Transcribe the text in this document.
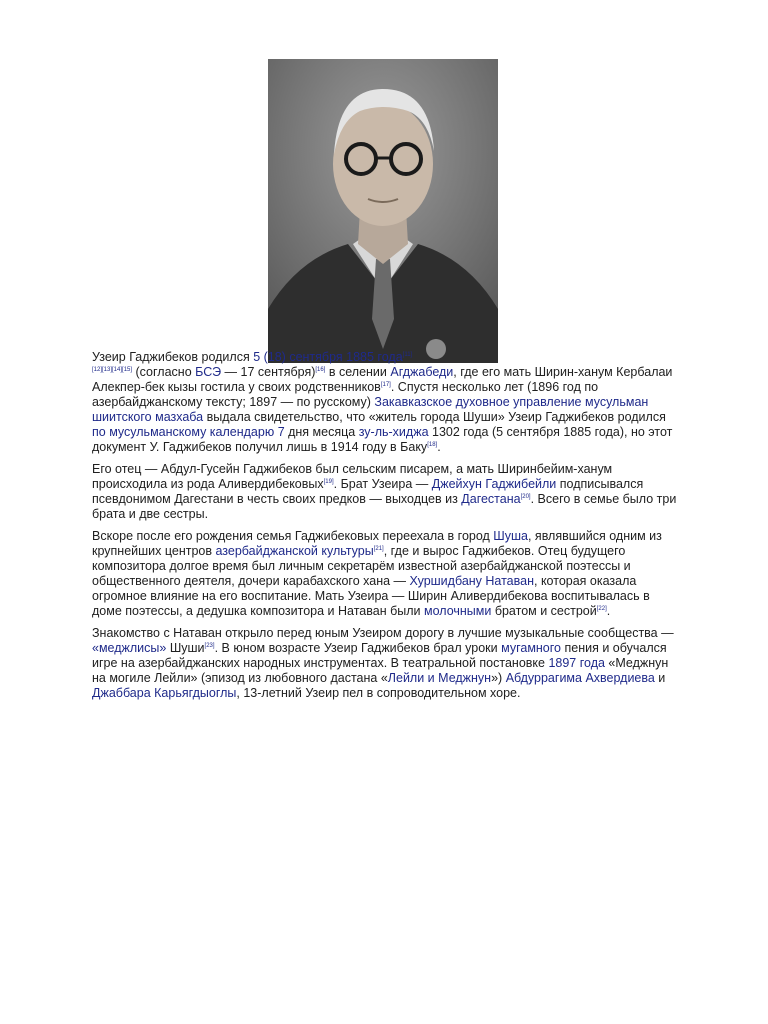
Узеир Гаджибеков родился 5 (18) сентября 1885 года[11]
[12][13][14][15] (согласно БСЭ — 17 сентября)[16] в селении Агджабеди, где его мать Ширин-ханум Кербалаи Алекпер-бек кызы гостила у своих родственников[17]. Спустя несколько лет (1896 год по азербайджанскому тексту; 1897 — по русскому) Закавказское духовное управление мусульман шиитского мазхаба выдала свидетельство, что «житель города Шуши» Узеир Гаджибеков родился по мусульманскому календарю 7 дня месяца зу-ль-хиджа 1302 года (5 сентября 1885 года), но этот документ У. Гаджибеков получил лишь в 1914 году в Баку[18].

Его отец — Абдул-Гусейн Гаджибеков был сельским писарем, а мать Ширинбейим-ханум происходила из рода Аливердибековых[19]. Брат Узеира — Джейхун Гаджибейли подписывался псевдонимом Дагестани в честь своих предков — выходцев из Дагестана[20]. Всего в семье было три брата и две сестры.

Вскоре после его рождения семья Гаджибековых переехала в город Шуша, являвшийся одним из крупнейших центров азербайджанской культуры[21], где и вырос Гаджибеков. Отец будущего композитора долгое время был личным секретарём известной азербайджанской поэтессы и общественного деятеля, дочери карабахского хана — Хуршидбану Натаван, которая оказала огромное влияние на его воспитание. Мать Узеира — Ширин Аливердибекова воспитывалась в доме поэтессы, а дедушка композитора и Натаван были молочными братом и сестрой[22].

Знакомство с Натаван открыло перед юным Узеиром дорогу в лучшие музыкальные сообщества — «меджлисы» Шуши[23]. В юном возрасте Узеир Гаджибеков брал уроки мугамного пения и обучался игре на азербайджанских народных инструментах. В театральной постановке 1897 года «Меджнун на могиле Лейли» (эпизод из любовного дастана «Лейли и Меджнун») Абдуррагима Ахвердиева и Джаббара Карьягдыоглы, 13-летний Узеир пел в сопроводительном хоре.
